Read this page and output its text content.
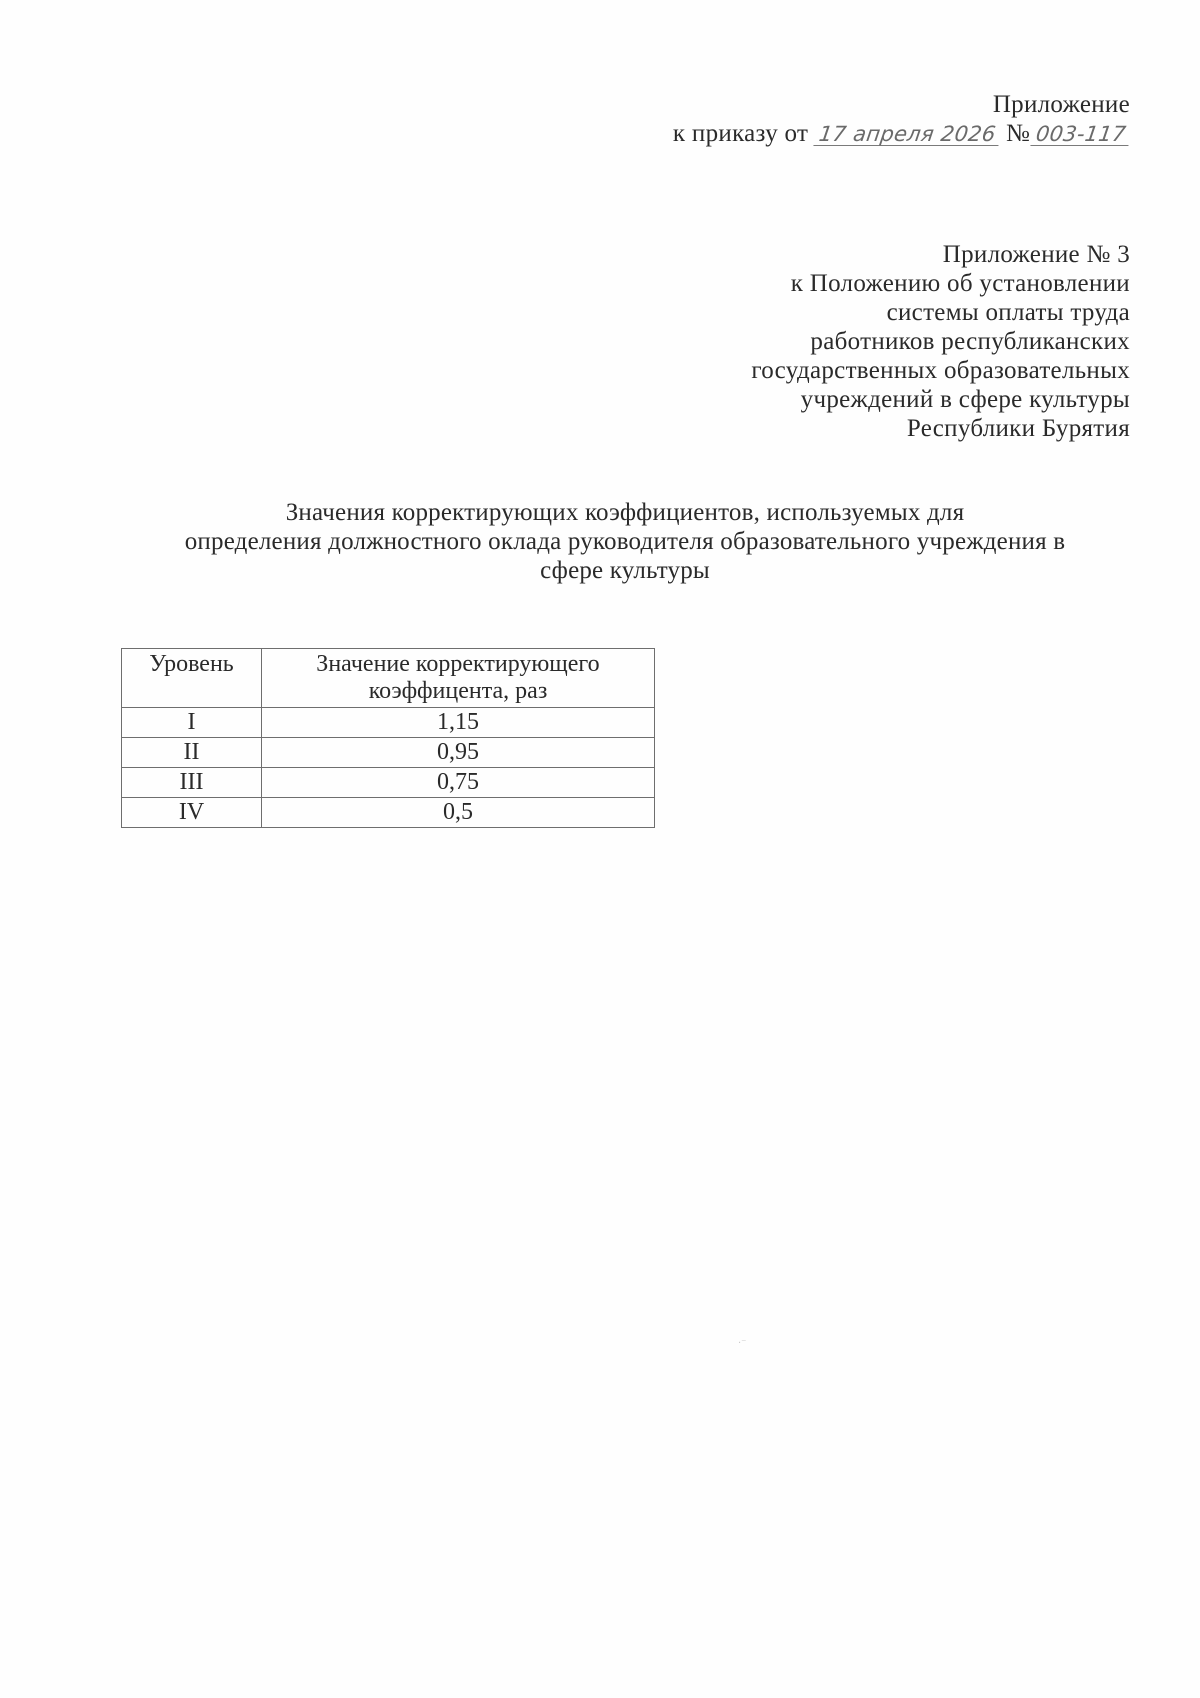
Приложение
к приказу от 17 апреля 2026 № 003-117
Приложение № 3
к Положению об установлении
системы оплаты труда
работников республиканских
государственных образовательных
учреждений в сфере культуры
Республики Бурятия
Значения корректирующих коэффициентов, используемых для
определения должностного оклада руководителя образовательного учреждения в
сфере культуры
Уровень	Значение корректирующего коэффицента, раз
I	1,15
II	0,95
III	0,75
IV	0,5
·⁻
